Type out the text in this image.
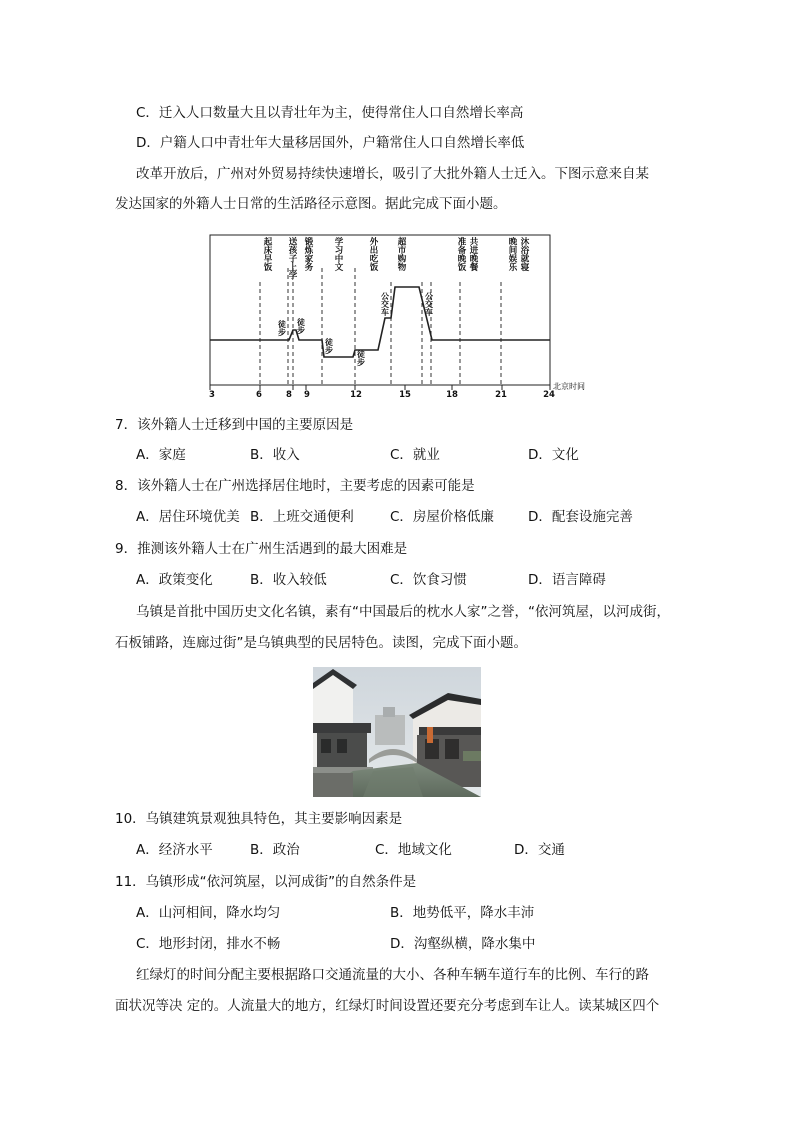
C．迁入人口数量大且以青壮年为主，使得常住人口自然增长率高
D．户籍人口中青壮年大量移居国外，户籍常住人口自然增长率低
改革开放后，广州对外贸易持续快速增长，吸引了大批外籍人士迁入。下图示意来自某
发达国家的外籍人士日常的生活路径示意图。据此完成下面小题。
3	6	8 9	12	15	18	21	24
北京时间
起床早饭 送孩子上学 锻炼家务 学习中文	外出吃饭 超市购物	准备晚饭 共进晚餐	晚间娱乐 沐浴就寝
徒步 徒步
徒步
徒步
公交车	公交车
7．该外籍人士迁移到中国的主要原因是
A．家庭	B．收入	C．就业	D．文化
8．该外籍人士在广州选择居住地时，主要考虑的因素可能是
A．居住环境优美 B．上班交通便利	C．房屋价格低廉	D．配套设施完善
9．推测该外籍人士在广州生活遇到的最大困难是
A．政策变化	B．收入较低	C．饮食习惯	D．语言障碍
乌镇是首批中国历史文化名镇，素有“中国最后的枕水人家”之誉，“依河筑屋，以河成街，
石板铺路，连廊过街”是乌镇典型的民居特色。读图，完成下面小题。
10．乌镇建筑景观独具特色，其主要影响因素是
A．经济水平	B．政治	C．地域文化	D．交通
11．乌镇形成“依河筑屋，以河成街”的自然条件是
A．山河相间，降水均匀	B．地势低平，降水丰沛
C．地形封闭，排水不畅	D．沟壑纵横，降水集中
红绿灯的时间分配主要根据路口交通流量的大小、各种车辆车道行车的比例、车行的路
面状况等决 定的。人流量大的地方，红绿灯时间设置还要充分考虑到车让人。读某城区四个
